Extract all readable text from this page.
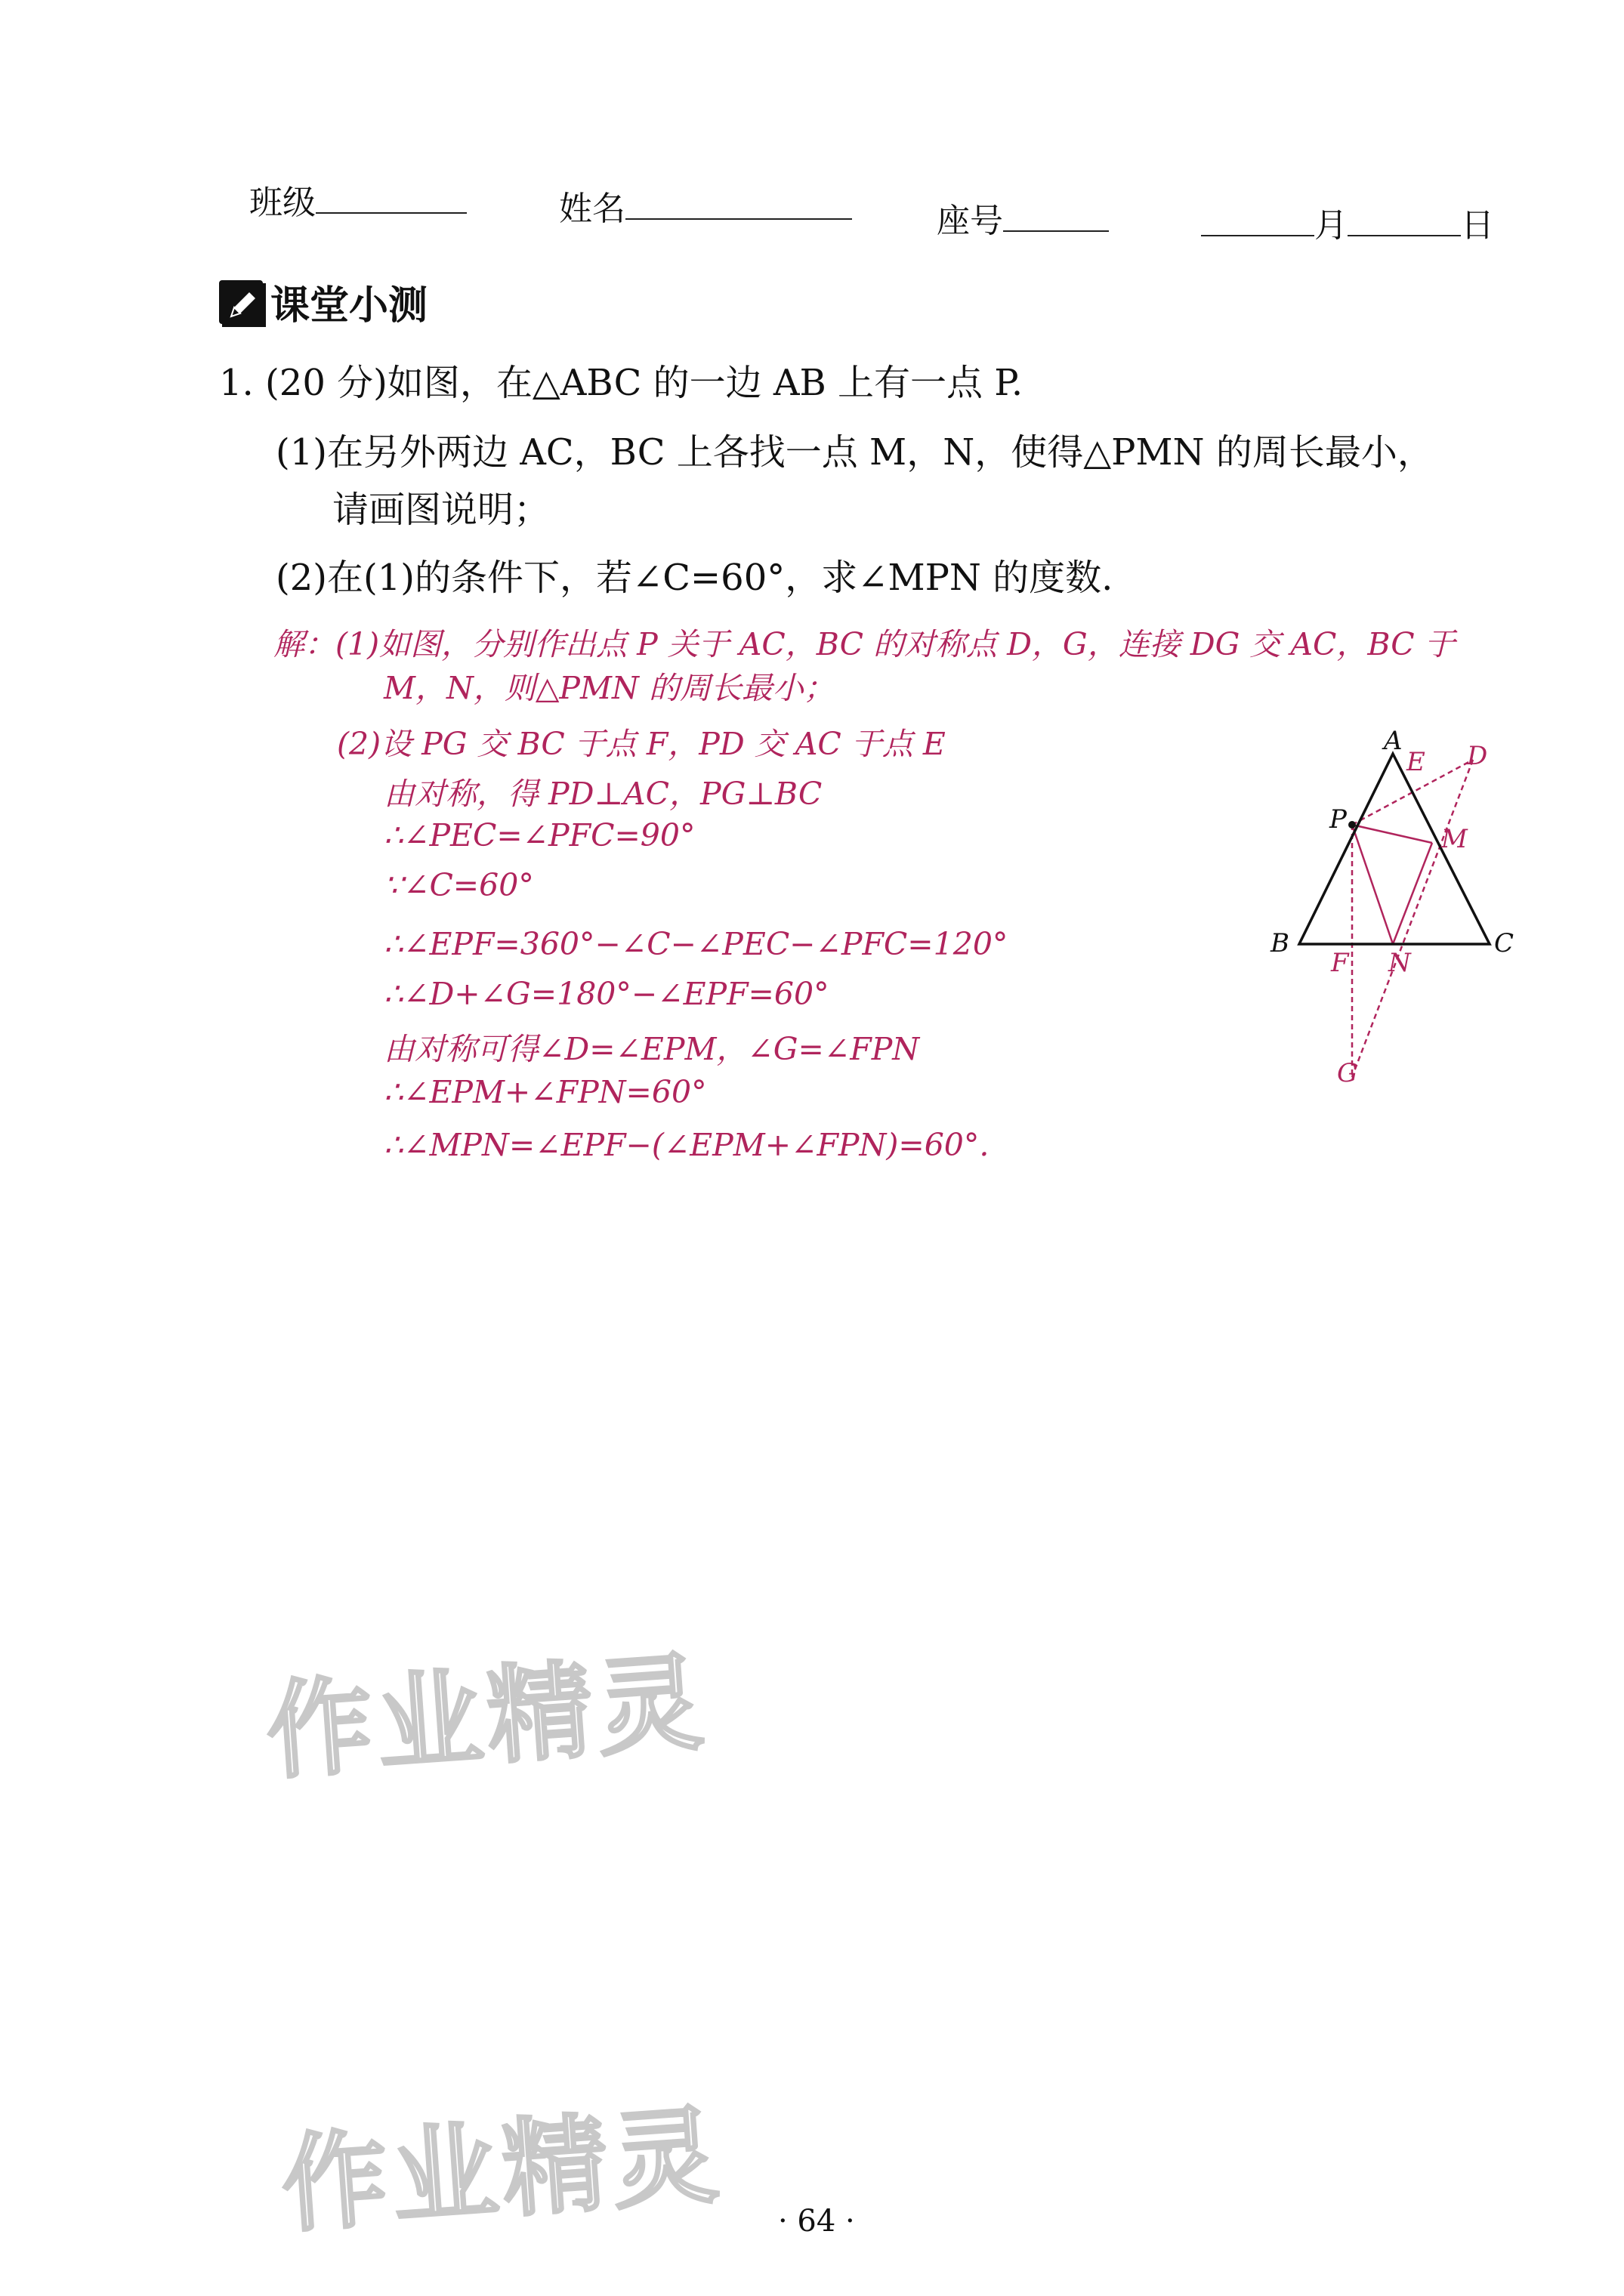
班级	姓名	座号	月	日
课堂小测
1. (20 分)如图，在△ABC 的一边 AB 上有一点 P.
(1)在另外两边 AC，BC 上各找一点 M，N，使得△PMN 的周长最小，
请画图说明；
(2)在(1)的条件下，若∠C=60°，求∠MPN 的度数.
解：(1)如图，分别作出点 P 关于 AC，BC 的对称点 D，G，连接 DG 交 AC，BC 于
M，N，则△PMN 的周长最小；
(2)设 PG 交 BC 于点 F，PD 交 AC 于点 E
由对称，得 PD⊥AC，PG⊥BC
∴∠PEC=∠PFC=90°
∵∠C=60°
∴∠EPF=360°−∠C−∠PEC−∠PFC=120°
∴∠D+∠G=180°−∠EPF=60°
由对称可得∠D=∠EPM，∠G=∠FPN
∴∠EPM+∠FPN=60°
∴∠MPN=∠EPF−(∠EPM+∠FPN)=60°.
A
B	C
P
E D
M
F N
G
作业精灵
作业精灵 · 64 ·
